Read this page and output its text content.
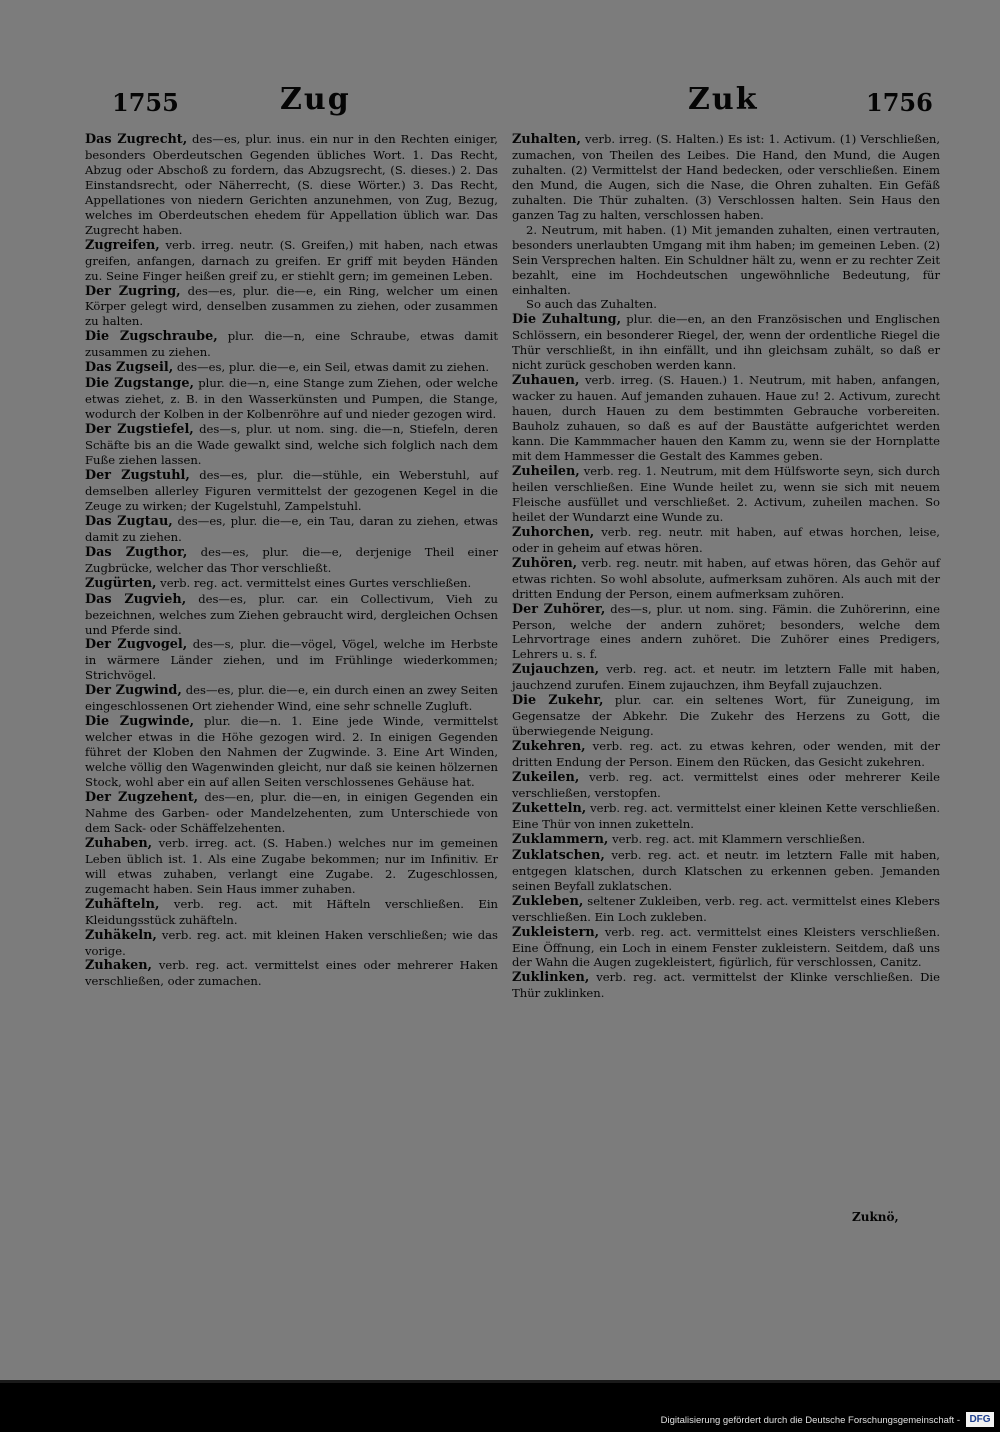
1755	Zug	Zuk	1756

Das Zugrecht, des—es, plur. inus. ein nur in den Rechten einiger, besonders Oberdeutschen Gegenden übliches Wort. 1. Das Recht, Abzug oder Abschoß zu fordern, das Abzugsrecht, (S. dieses.) 2. Das Einstandsrecht, oder Näherrecht, (S. diese Wörter.) 3. Das Recht, Appellationes von niedern Gerichten anzunehmen, von Zug, Bezug, welches im Oberdeutschen ehedem für Appellation üblich war. Das Zugrecht haben.

Zugreifen, verb. irreg. neutr. (S. Greifen,) mit haben, nach etwas greifen, anfangen, darnach zu greifen. Er griff mit beyden Händen zu. Seine Finger heißen greif zu, er stiehlt gern; im gemeinen Leben.

Der Zugring, des—es, plur. die—e, ein Ring, welcher um einen Körper gelegt wird, denselben zusammen zu ziehen, oder zusammen zu halten.

Die Zugschraube, plur. die—n, eine Schraube, etwas damit zusammen zu ziehen.

Das Zugseil, des—es, plur. die—e, ein Seil, etwas damit zu ziehen.

Die Zugstange, plur. die—n, eine Stange zum Ziehen, oder welche etwas ziehet, z. B. in den Wasserkünsten und Pumpen, die Stange, wodurch der Kolben in der Kolbenröhre auf und nieder gezogen wird.

Der Zugstiefel, des—s, plur. ut nom. sing. die—n, Stiefeln, deren Schäfte bis an die Wade gewalkt sind, welche sich folglich nach dem Fuße ziehen lassen.

Der Zugstuhl, des—es, plur. die—stühle, ein Weberstuhl, auf demselben allerley Figuren vermittelst der gezogenen Kegel in die Zeuge zu wirken; der Kugelstuhl, Zampelstuhl.

Das Zugtau, des—es, plur. die—e, ein Tau, daran zu ziehen, etwas damit zu ziehen.

Das Zugthor, des—es, plur. die—e, derjenige Theil einer Zugbrücke, welcher das Thor verschließt.

Zugürten, verb. reg. act. vermittelst eines Gurtes verschließen.

Das Zugvieh, des—es, plur. car. ein Collectivum, Vieh zu bezeichnen, welches zum Ziehen gebraucht wird, dergleichen Ochsen und Pferde sind.

Der Zugvogel, des—s, plur. die—vögel, Vögel, welche im Herbste in wärmere Länder ziehen, und im Frühlinge wiederkommen; Strichvögel.

Der Zugwind, des—es, plur. die—e, ein durch einen an zwey Seiten eingeschlossenen Ort ziehender Wind, eine sehr schnelle Zugluft.

Die Zugwinde, plur. die—n. 1. Eine jede Winde, vermittelst welcher etwas in die Höhe gezogen wird. 2. In einigen Gegenden führet der Kloben den Nahmen der Zugwinde. 3. Eine Art Winden, welche völlig den Wagenwinden gleicht, nur daß sie keinen hölzernen Stock, wohl aber ein auf allen Seiten verschlossenes Gehäuse hat.

Der Zugzehent, des—en, plur. die—en, in einigen Gegenden ein Nahme des Garben- oder Mandelzehenten, zum Unterschiede von dem Sack- oder Schäffelzehenten.

Zuhaben, verb. irreg. act. (S. Haben.) welches nur im gemeinen Leben üblich ist. 1. Als eine Zugabe bekommen; nur im Infinitiv. Er will etwas zuhaben, verlangt eine Zugabe. 2. Zugeschlossen, zugemacht haben. Sein Haus immer zuhaben.

Zuhäfteln, verb. reg. act. mit Häfteln verschließen. Ein Kleidungsstück zuhäfteln.

Zuhäkeln, verb. reg. act. mit kleinen Haken verschließen; wie das vorige.

Zuhaken, verb. reg. act. vermittelst eines oder mehrerer Haken verschließen, oder zumachen.

Zuhalten, verb. irreg. (S. Halten.) Es ist: 1. Activum. (1) Verschließen, zumachen, von Theilen des Leibes. Die Hand, den Mund, die Augen zuhalten. (2) Vermittelst der Hand bedecken, oder verschließen. Einem den Mund, die Augen, sich die Nase, die Ohren zuhalten. Ein Gefäß zuhalten. Die Thür zuhalten. (3) Verschlossen halten. Sein Haus den ganzen Tag zu halten, verschlossen haben.

2. Neutrum, mit haben. (1) Mit jemanden zuhalten, einen vertrauten, besonders unerlaubten Umgang mit ihm haben; im gemeinen Leben. (2) Sein Versprechen halten. Ein Schuldner hält zu, wenn er zu rechter Zeit bezahlt, eine im Hochdeutschen ungewöhnliche Bedeutung, für einhalten.

So auch das Zuhalten.

Die Zuhaltung, plur. die—en, an den Französischen und Englischen Schlössern, ein besonderer Riegel, der, wenn der ordentliche Riegel die Thür verschließt, in ihn einfällt, und ihn gleichsam zuhält, so daß er nicht zurück geschoben werden kann.

Zuhauen, verb. irreg. (S. Hauen.) 1. Neutrum, mit haben, anfangen, wacker zu hauen. Auf jemanden zuhauen. Haue zu! 2. Activum, zurecht hauen, durch Hauen zu dem bestimmten Gebrauche vorbereiten. Bauholz zuhauen, so daß es auf der Baustätte aufgerichtet werden kann. Die Kammmacher hauen den Kamm zu, wenn sie der Hornplatte mit dem Hammesser die Gestalt des Kammes geben.

Zuheilen, verb. reg. 1. Neutrum, mit dem Hülfsworte seyn, sich durch heilen verschließen. Eine Wunde heilet zu, wenn sie sich mit neuem Fleische ausfüllet und verschließet. 2. Activum, zuheilen machen. So heilet der Wundarzt eine Wunde zu.

Zuhorchen, verb. reg. neutr. mit haben, auf etwas horchen, leise, oder in geheim auf etwas hören.

Zuhören, verb. reg. neutr. mit haben, auf etwas hören, das Gehör auf etwas richten. So wohl absolute, aufmerksam zuhören. Als auch mit der dritten Endung der Person, einem aufmerksam zuhören.

Der Zuhörer, des—s, plur. ut nom. sing. Fämin. die Zuhörerinn, eine Person, welche der andern zuhöret; besonders, welche dem Lehrvortrage eines andern zuhöret. Die Zuhörer eines Predigers, Lehrers u. s. f.

Zujauchzen, verb. reg. act. et neutr. im letztern Falle mit haben, jauchzend zurufen. Einem zujauchzen, ihm Beyfall zujauchzen.

Die Zukehr, plur. car. ein seltenes Wort, für Zuneigung, im Gegensatze der Abkehr. Die Zukehr des Herzens zu Gott, die überwiegende Neigung.

Zukehren, verb. reg. act. zu etwas kehren, oder wenden, mit der dritten Endung der Person. Einem den Rücken, das Gesicht zukehren.

Zukeilen, verb. reg. act. vermittelst eines oder mehrerer Keile verschließen, verstopfen.

Zuketteln, verb. reg. act. vermittelst einer kleinen Kette verschließen. Eine Thür von innen zuketteln.

Zuklammern, verb. reg. act. mit Klammern verschließen.

Zuklatschen, verb. reg. act. et neutr. im letztern Falle mit haben, entgegen klatschen, durch Klatschen zu erkennen geben. Jemanden seinen Beyfall zuklatschen.

Zukleben, seltener Zukleiben, verb. reg. act. vermittelst eines Klebers verschließen. Ein Loch zukleben.

Zukleistern, verb. reg. act. vermittelst eines Kleisters verschließen. Eine Öffnung, ein Loch in einem Fenster zukleistern. Seitdem, daß uns der Wahn die Augen zugekleistert, figürlich, für verschlossen, Canitz.

Zuklinken, verb. reg. act. vermittelst der Klinke verschließen. Die Thür zuklinken.

Zuknö,
Digitalisierung gefördert durch die Deutsche Forschungsgemeinschaft - DFG
